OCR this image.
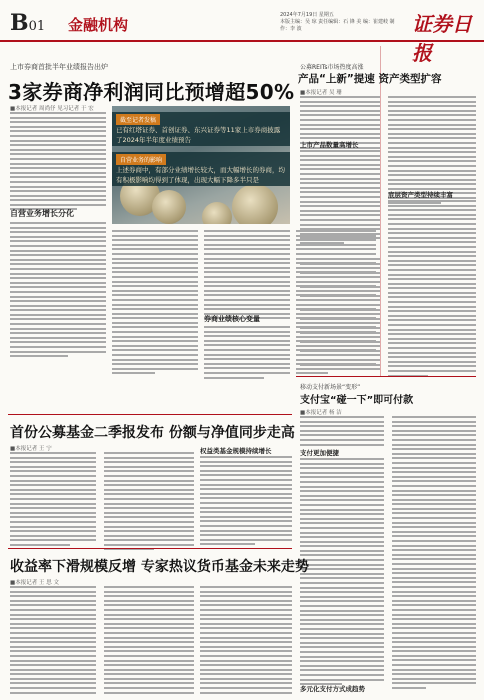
B01 金融机构
2024年7月19日 星期五
本版主编：吴 琼 责任编辑：石 锋 美 编：崔建岐 制 作：李 波	证券日报
上市券商首批半年业绩报告出炉
3家券商净利润同比预增超50%
■本报记者 周尚伃 见习记者 于 宏
截至记者发稿
已有红塔证券、首创证券、东兴证券等11家上市券商披露了2024年半年度业绩预告
自营业务的影响
上述券商中，有部分业绩增长较大，而大幅增长的券商，均有积极影响均得到了体现，出现大幅下降多半只是
自营业务增长分化
券商业绩核心变量
公募REITs市场热度高涨
产品“上新”提速 资产类型扩容
■本报记者 吴 珊
上市产品数量高增长
底层资产类型持续丰富
移动支付新场景“变形”
支付宝“碰一下”即可付款
■本报记者 杨 洁
支付更加便捷
多元化支付方式成趋势
首份公募基金二季报发布 份额与净值同步走高
■本报记者 王 宁	权益类基金规模持续增长
收益率下滑规模反增 专家热议货币基金未来走势
■本报记者 王 思 文
